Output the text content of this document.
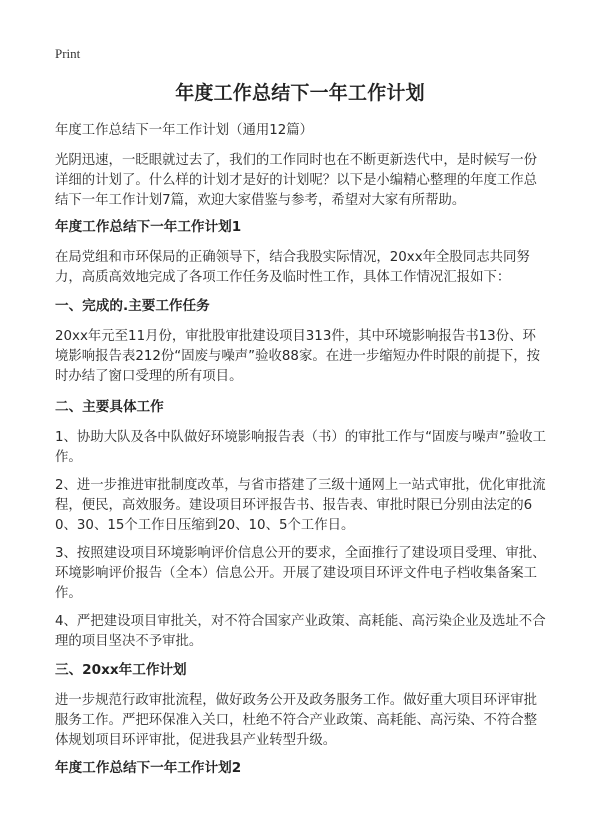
Print
年度工作总结下一年工作计划

年度工作总结下一年工作计划（通用12篇）

光阴迅速，一眨眼就过去了，我们的工作同时也在不断更新迭代中，是时候写一份详细的计划了。什么样的计划才是好的计划呢？以下是小编精心整理的年度工作总结下一年工作计划7篇，欢迎大家借鉴与参考，希望对大家有所帮助。

年度工作总结下一年工作计划1

在局党组和市环保局的正确领导下，结合我股实际情况，20xx年全股同志共同努力，高质高效地完成了各项工作任务及临时性工作，具体工作情况汇报如下：

一、完成的.主要工作任务

20xx年元至11月份，审批股审批建设项目313件，其中环境影响报告书13份、环境影响报告表212份“固废与噪声”验收88家。在进一步缩短办件时限的前提下，按时办结了窗口受理的所有项目。

二、主要具体工作

1、协助大队及各中队做好环境影响报告表（书）的审批工作与“固废与噪声”验收工作。

2、进一步推进审批制度改革，与省市搭建了三级十通网上一站式审批，优化审批流程，便民，高效服务。建设项目环评报告书、报告表、审批时限已分别由法定的60、30、15个工作日压缩到20、10、5个工作日。

3、按照建设项目环境影响评价信息公开的要求，全面推行了建设项目受理、审批、环境影响评价报告（全本）信息公开。开展了建设项目环评文件电子档收集备案工作。

4、严把建设项目审批关，对不符合国家产业政策、高耗能、高污染企业及选址不合理的项目坚决不予审批。

三、20xx年工作计划

进一步规范行政审批流程，做好政务公开及政务服务工作。做好重大项目环评审批服务工作。严把环保准入关口，杜绝不符合产业政策、高耗能、高污染、不符合整体规划项目环评审批，促进我县产业转型升级。

年度工作总结下一年工作计划2
